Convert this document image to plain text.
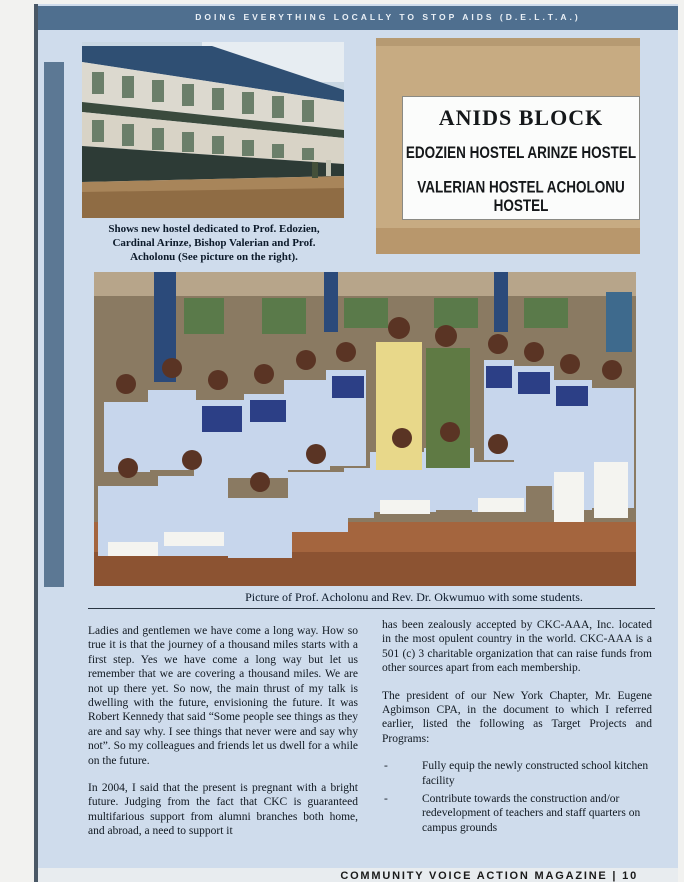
DOING EVERYTHING LOCALLY TO STOP AIDS (D.E.L.T.A.)
Shows new hostel dedicated to Prof. Edozien, Cardinal Arinze, Bishop Valerian and Prof. Acholonu (See picture on the right).
ANIDS BLOCK
EDOZIEN HOSTEL ARINZE HOSTEL
VALERIAN HOSTEL ACHOLONU HOSTEL
Picture of Prof. Acholonu and Rev. Dr. Okwumuo with some students.

Ladies and gentlemen we have come a long way. How so true it is that the journey of a thousand miles starts with a first step. Yes we have come a long way but let us remember that we are covering a thousand miles. We are not up there yet. So now, the main thrust of my talk is dwelling with the future, envisioning the future. It was Robert Kennedy that said “Some people see things as they are and say why. I see things that never were and say why not”. So my colleagues and friends let us dwell for a while on the future.

In 2004, I said that the present is pregnant with a bright future. Judging from the fact that CKC is guaranteed multifarious support from alumni branches both home, and abroad, a need to support it

has been zealously accepted by CKC-AAA, Inc. located in the most opulent country in the world. CKC-AAA is a 501 (c) 3 charitable organization that can raise funds from other sources apart from each membership.

The president of our New York Chapter, Mr. Eugene Agbimson CPA, in the document to which I referred earlier, listed the following as Target Projects and Programs:

-	Fully equip the newly constructed school kitchen facility
-	Contribute towards the construction and/or redevelopment of teachers and staff quarters on campus grounds
COMMUNITY VOICE ACTION MAGAZINE | 10
